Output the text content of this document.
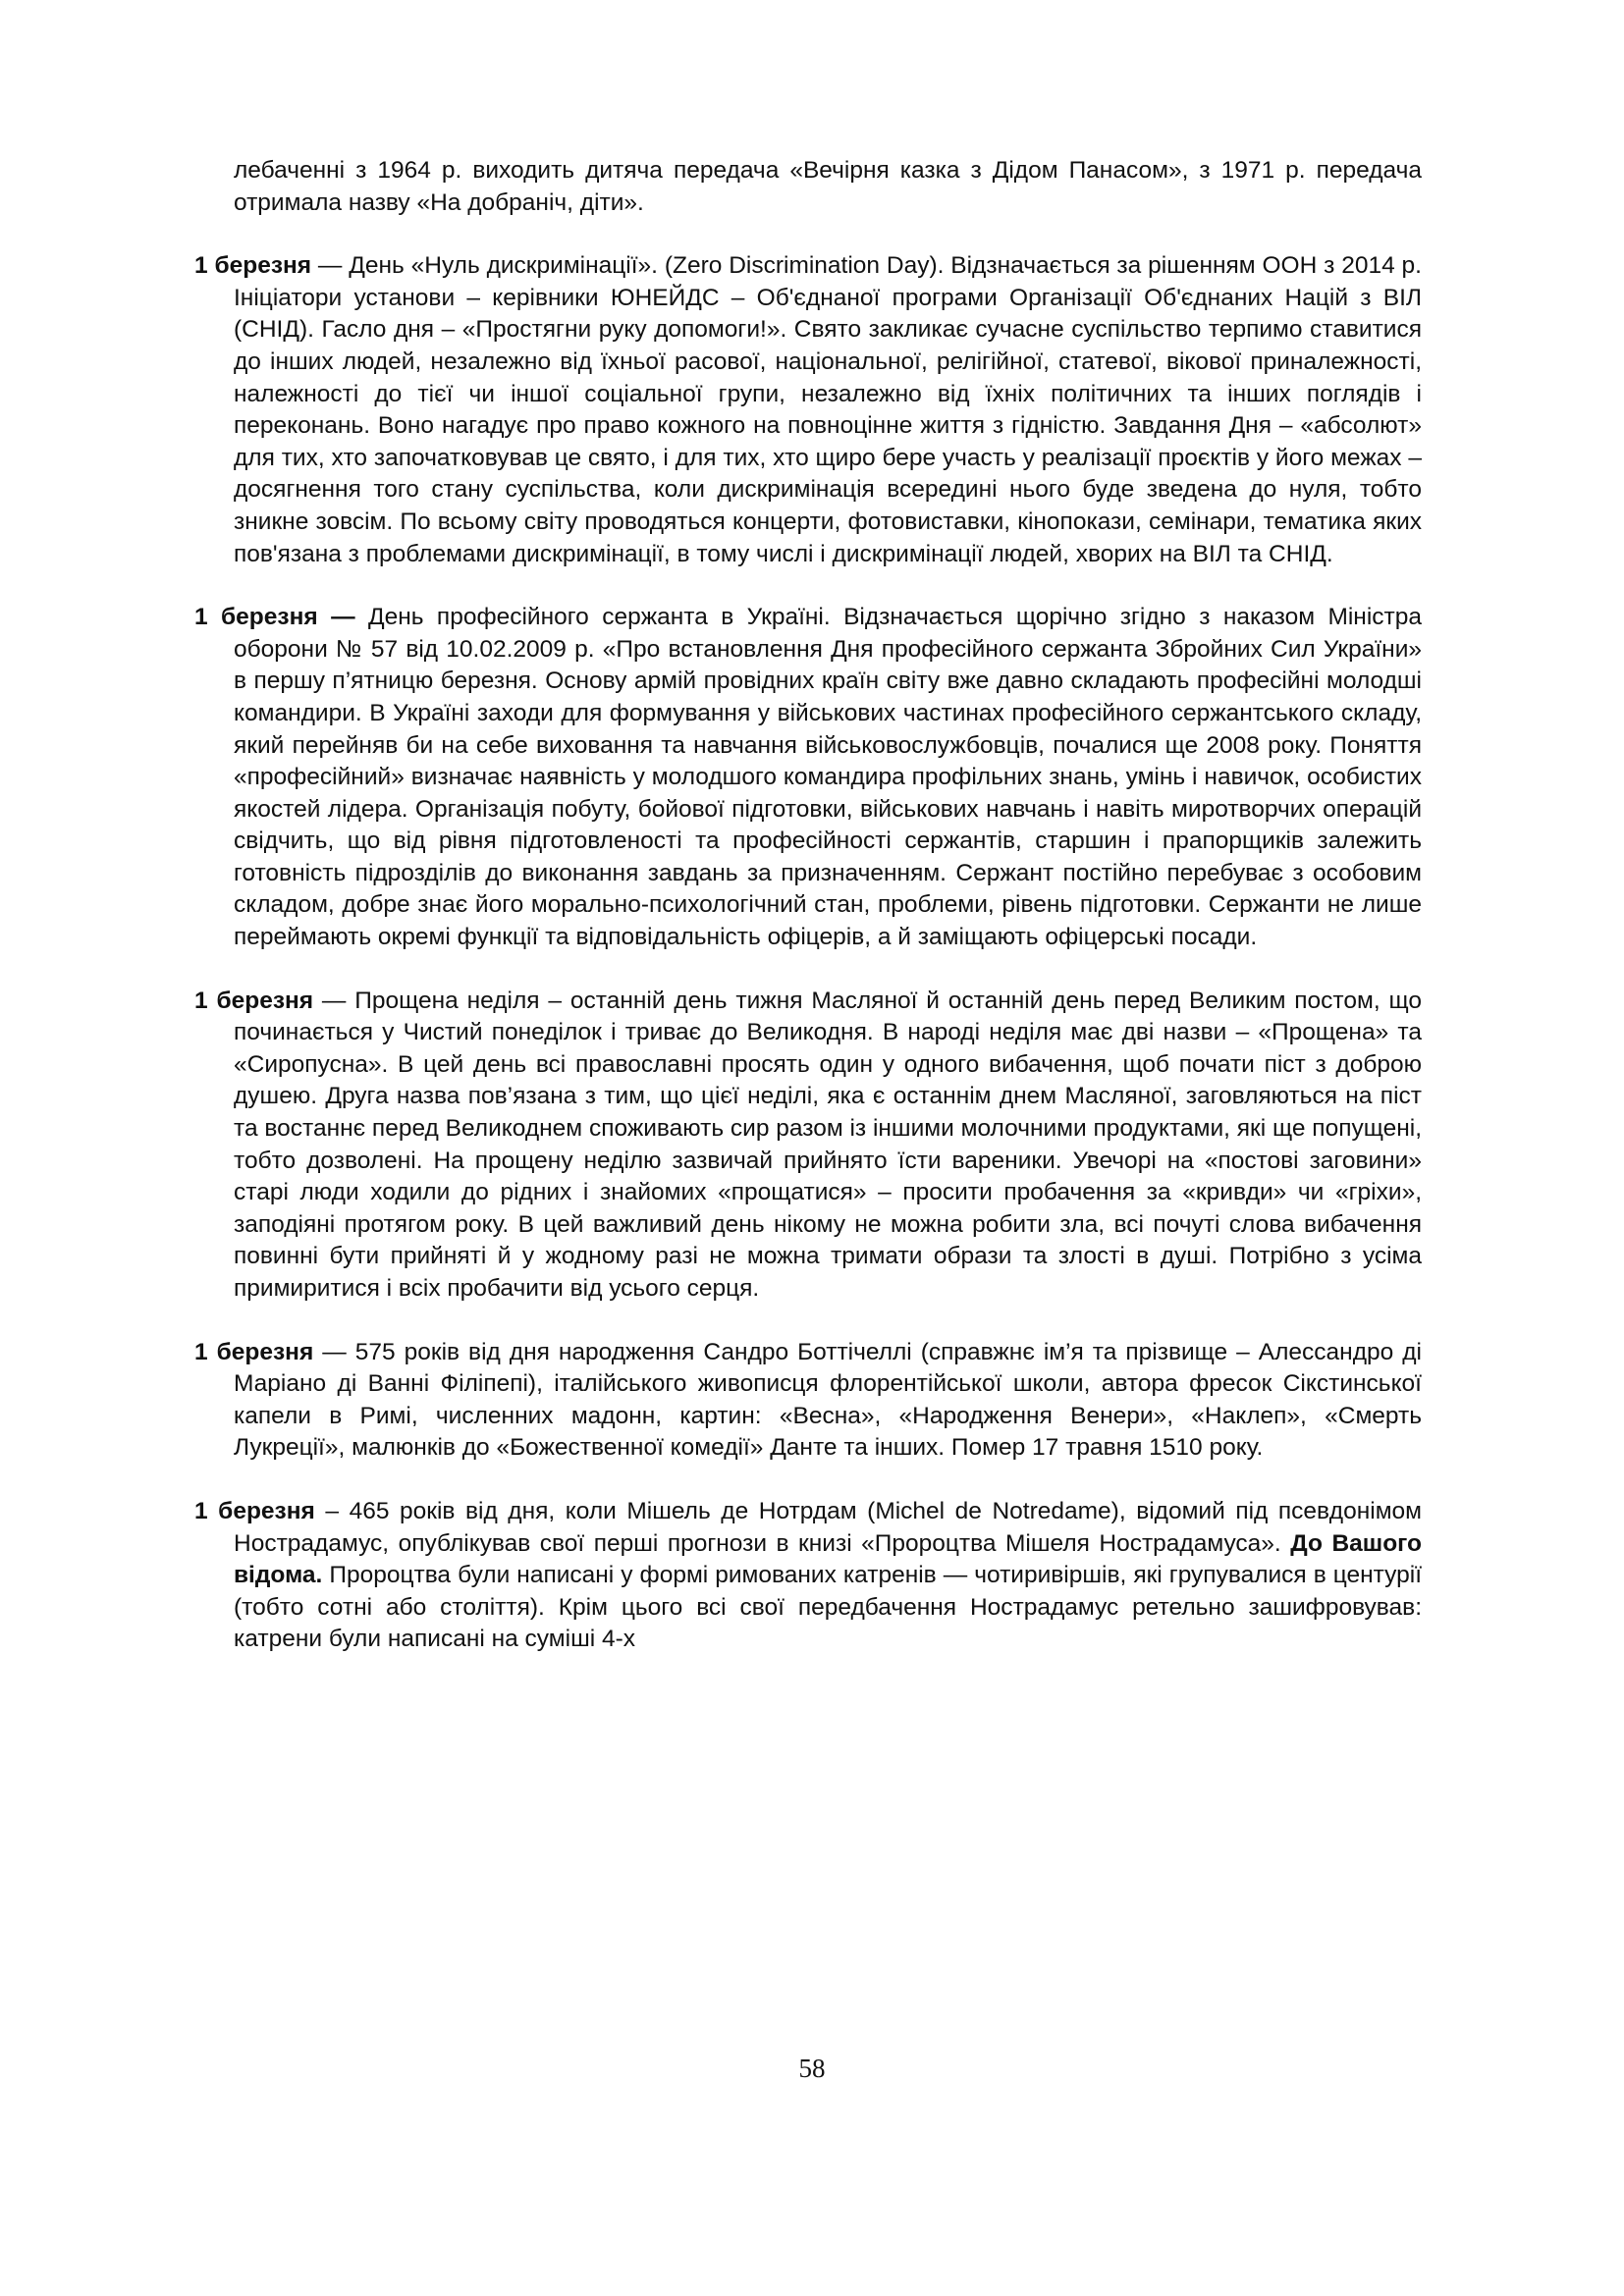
лебаченні з 1964 р. виходить дитяча передача «Вечірня казка з Дідом Панасом», з 1971 р. передача отримала назву «На добраніч, діти».

1 березня — День «Нуль дискримінації». (Zero Discrimination Day). Відзначається за рішенням ООН з 2014 р. Ініціатори установи – керівники ЮНЕЙДС – Об'єднаної програми Організації Об'єднаних Націй з ВІЛ (СНІД). Гасло дня – «Простягни руку допомоги!». Свято закликає сучасне суспільство терпимо ставитися до інших людей, незалежно від їхньої расової, національної, релігійної, статевої, вікової приналежності, належності до тієї чи іншої соціальної групи, незалежно від їхніх політичних та інших поглядів і переконань. Воно нагадує про право кожного на повноцінне життя з гідністю. Завдання Дня – «абсолют» для тих, хто започатковував це свято, і для тих, хто щиро бере участь у реалізації проєктів у його межах – досягнення того стану суспільства, коли дискримінація всередині нього буде зведена до нуля, тобто зникне зовсім. По всьому світу проводяться концерти, фотовиставки, кінопокази, семінари, тематика яких пов'язана з проблемами дискримінації, в тому числі і дискримінації людей, хворих на ВІЛ та СНІД.

1 березня — День професійного сержанта в Україні. Відзначається щорічно згідно з наказом Міністра оборони № 57 від 10.02.2009 р. «Про встановлення Дня професійного сержанта Збройних Сил України» в першу п’ятницю березня. Основу армій провідних країн світу вже давно складають професійні молодші командири. В Україні заходи для формування у військових частинах професійного сержантського складу, який перейняв би на себе виховання та навчання військовослужбовців, почалися ще 2008 року. Поняття «професійний» визначає наявність у молодшого командира профільних знань, умінь і навичок, особистих якостей лідера. Організація побуту, бойової підготовки, військових навчань і навіть миротворчих операцій свідчить, що від рівня підготовленості та професійності сержантів, старшин і прапорщиків залежить готовність підрозділів до виконання завдань за призначенням. Сержант постійно перебуває з особовим складом, добре знає його морально-психологічний стан, проблеми, рівень підготовки. Сержанти не лише переймають окремі функції та відповідальність офіцерів, а й заміщають офіцерські посади.

1 березня — Прощена неділя – останній день тижня Масляної й останній день перед Великим постом, що починається у Чистий понеділок і триває до Великодня. В народі неділя має дві назви – «Прощена» та «Сиропусна». В цей день всі православні просять один у одного вибачення, щоб почати піст з доброю душею. Друга назва пов’язана з тим, що цієї неділі, яка є останнім днем Масляної, заговляються на піст та востаннє перед Великоднем споживають сир разом із іншими молочними продуктами, які ще попущені, тобто дозволені. На прощену неділю зазвичай прийнято їсти вареники. Увечорі на «постові заговини» старі люди ходили до рідних і знайомих «прощатися» – просити пробачення за «кривди» чи «гріхи», заподіяні протягом року. В цей важливий день нікому не можна робити зла, всі почуті слова вибачення повинні бути прийняті й у жодному разі не можна тримати образи та злості в душі. Потрібно з усіма примиритися і всіх пробачити від усього серця.

1 березня — 575 років від дня народження Сандро Боттічеллі (справжнє ім’я та прізвище – Алессандро ді Маріано ді Ванні Філіпепі), італійського живописця флорентійської школи, автора фресок Сікстинської капели в Римі, численних мадонн, картин: «Весна», «Народження Венери», «Наклеп», «Смерть Лукреції», малюнків до «Божественної комедії» Данте та інших. Помер 17 травня 1510 року.

1 березня – 465 років від дня, коли Мішель де Нотрдам (Michel de Notredame), відомий під псевдонімом Нострадамус, опублікував свої перші прогнози в книзі «Пророцтва Мішеля Нострадамуса». До Вашого відома. Пророцтва були написані у формі римованих катренів — чотиривіршів, які групувалися в центурії (тобто сотні або століття). Крім цього всі свої передбачення Нострадамус ретельно зашифровував: катрени були написані на суміші 4-х

58
